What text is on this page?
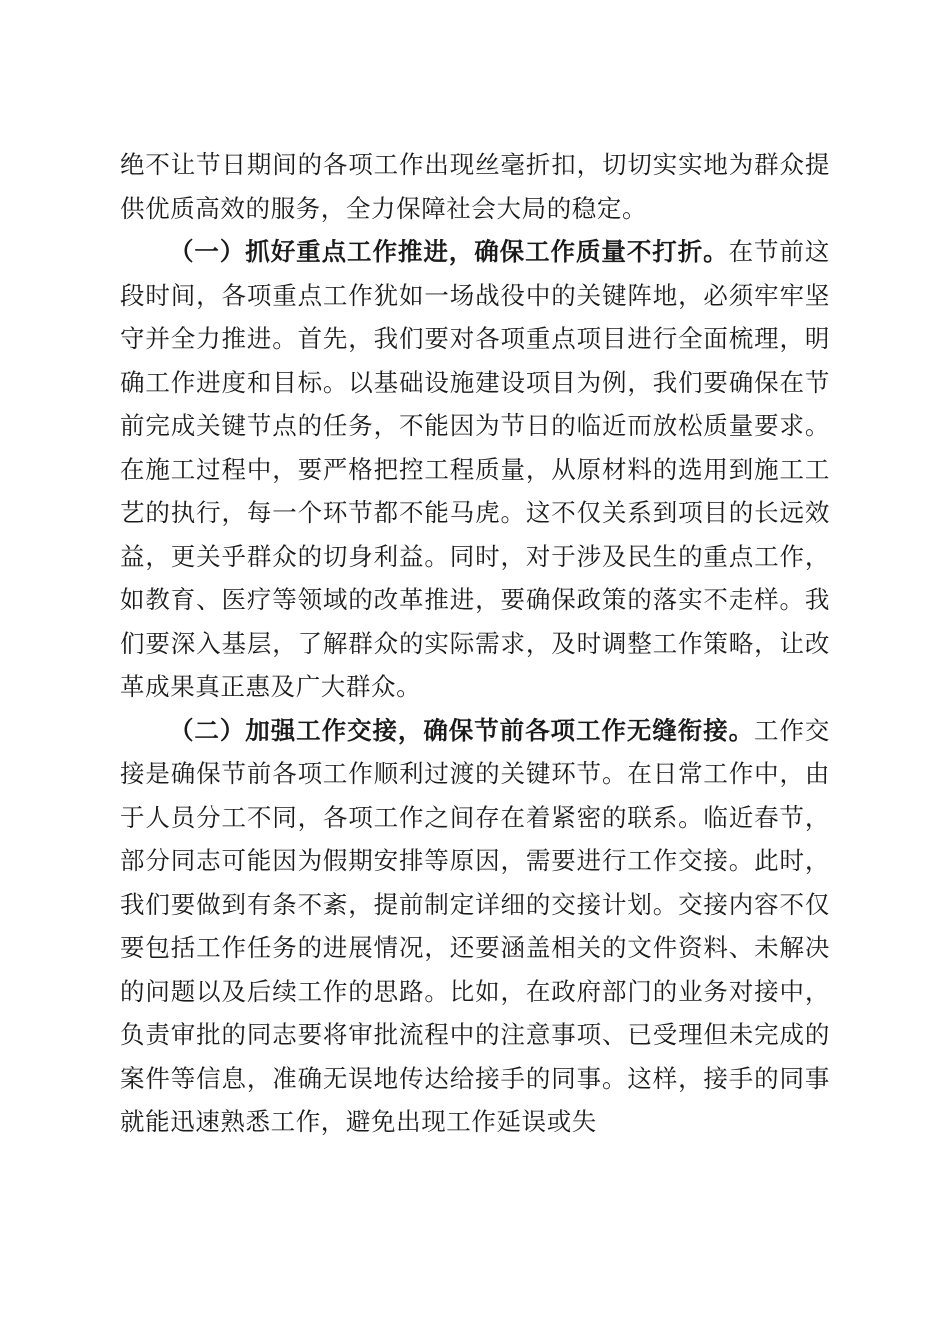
绝不让节日期间的各项工作出现丝毫折扣，切切实实地为群众提供优质高效的服务，全力保障社会大局的稳定。

（一）抓好重点工作推进，确保工作质量不打折。在节前这段时间，各项重点工作犹如一场战役中的关键阵地，必须牢牢坚守并全力推进。首先，我们要对各项重点项目进行全面梳理，明确工作进度和目标。以基础设施建设项目为例，我们要确保在节前完成关键节点的任务，不能因为节日的临近而放松质量要求。在施工过程中，要严格把控工程质量，从原材料的选用到施工工艺的执行，每一个环节都不能马虎。这不仅关系到项目的长远效益，更关乎群众的切身利益。同时，对于涉及民生的重点工作，如教育、医疗等领域的改革推进，要确保政策的落实不走样。我们要深入基层，了解群众的实际需求，及时调整工作策略，让改革成果真正惠及广大群众。

（二）加强工作交接，确保节前各项工作无缝衔接。工作交接是确保节前各项工作顺利过渡的关键环节。在日常工作中，由于人员分工不同，各项工作之间存在着紧密的联系。临近春节，部分同志可能因为假期安排等原因，需要进行工作交接。此时，我们要做到有条不紊，提前制定详细的交接计划。交接内容不仅要包括工作任务的进展情况，还要涵盖相关的文件资料、未解决的问题以及后续工作的思路。比如，在政府部门的业务对接中，负责审批的同志要将审批流程中的注意事项、已受理但未完成的案件等信息，准确无误地传达给接手的同事。这样，接手的同事就能迅速熟悉工作，避免出现工作延误或失
